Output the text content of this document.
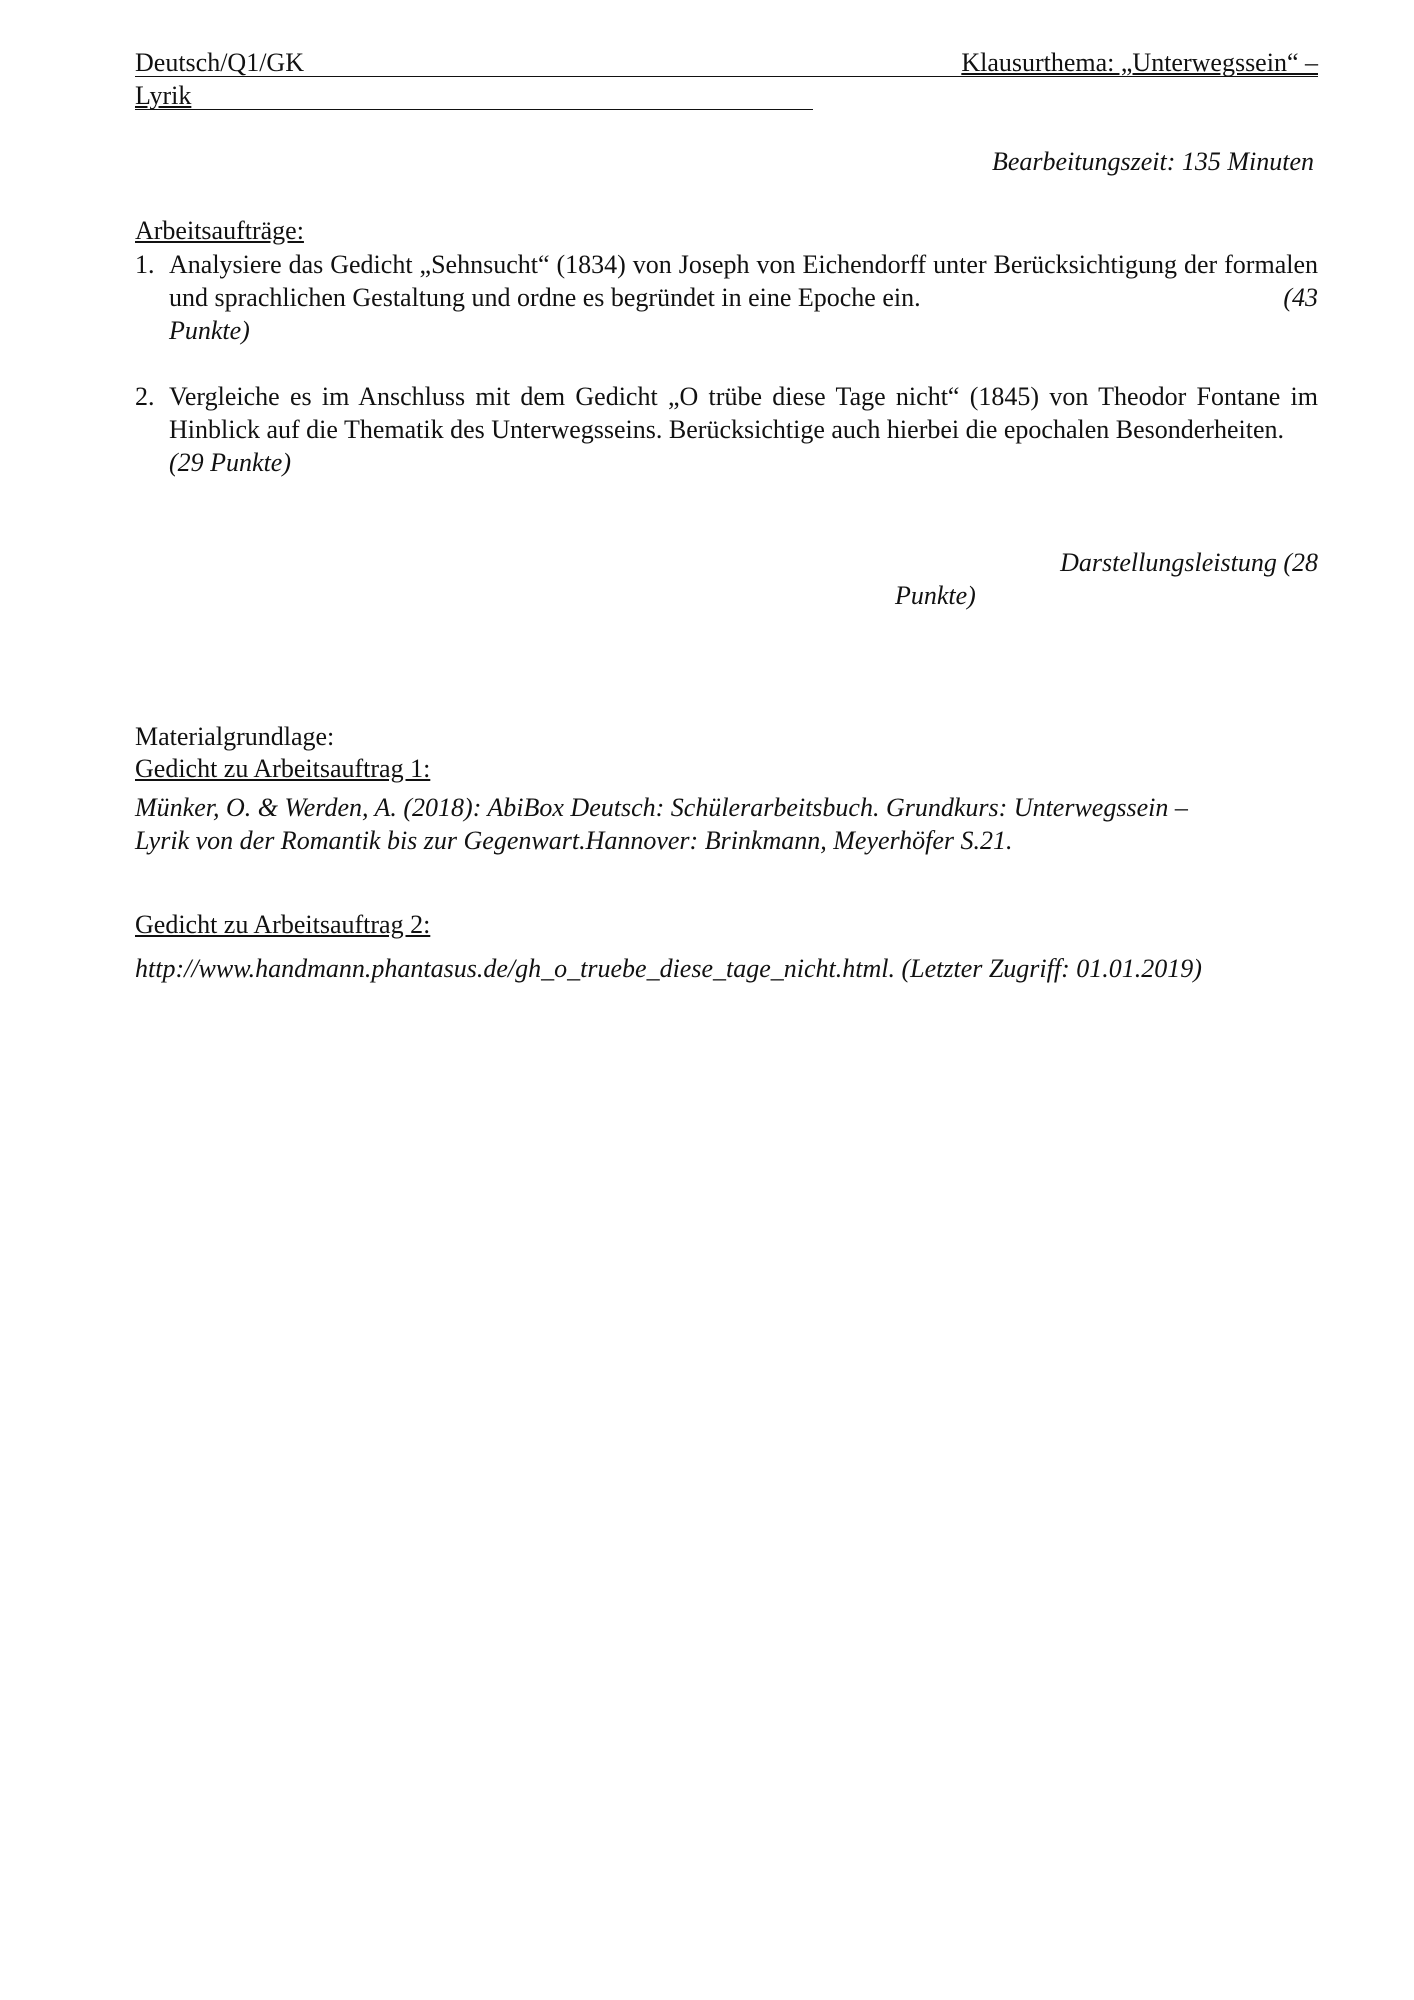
Deutsch/Q1/GK	Klausurthema: „Unterwegssein“ –
Lyrik
Bearbeitungszeit: 135 Minuten
Arbeitsaufträge:
1. Analysiere das Gedicht „Sehnsucht“ (1834) von Joseph von Eichendorff unter Berücksichtigung der formalen und sprachlichen Gestaltung und ordne es begründet in eine Epoche ein.	(43

Punkte)
2. Vergleiche es im Anschluss mit dem Gedicht „O trübe diese Tage nicht“ (1845) von Theodor Fontane im Hinblick auf die Thematik des Unterwegsseins. Berücksichtige auch hierbei die epochalen Besonderheiten.
(29 Punkte)
Darstellungsleistung (28
Punkte)
Materialgrundlage:
Gedicht zu Arbeitsauftrag 1:
Münker, O. & Werden, A. (2018): AbiBox Deutsch: Schülerarbeitsbuch. Grundkurs: Unterwegssein –
Lyrik von der Romantik bis zur Gegenwart.Hannover: Brinkmann, Meyerhöfer S.21.
Gedicht zu Arbeitsauftrag 2:
http://www.handmann.phantasus.de/gh_o_truebe_diese_tage_nicht.html. (Letzter Zugriff: 01.01.2019)
